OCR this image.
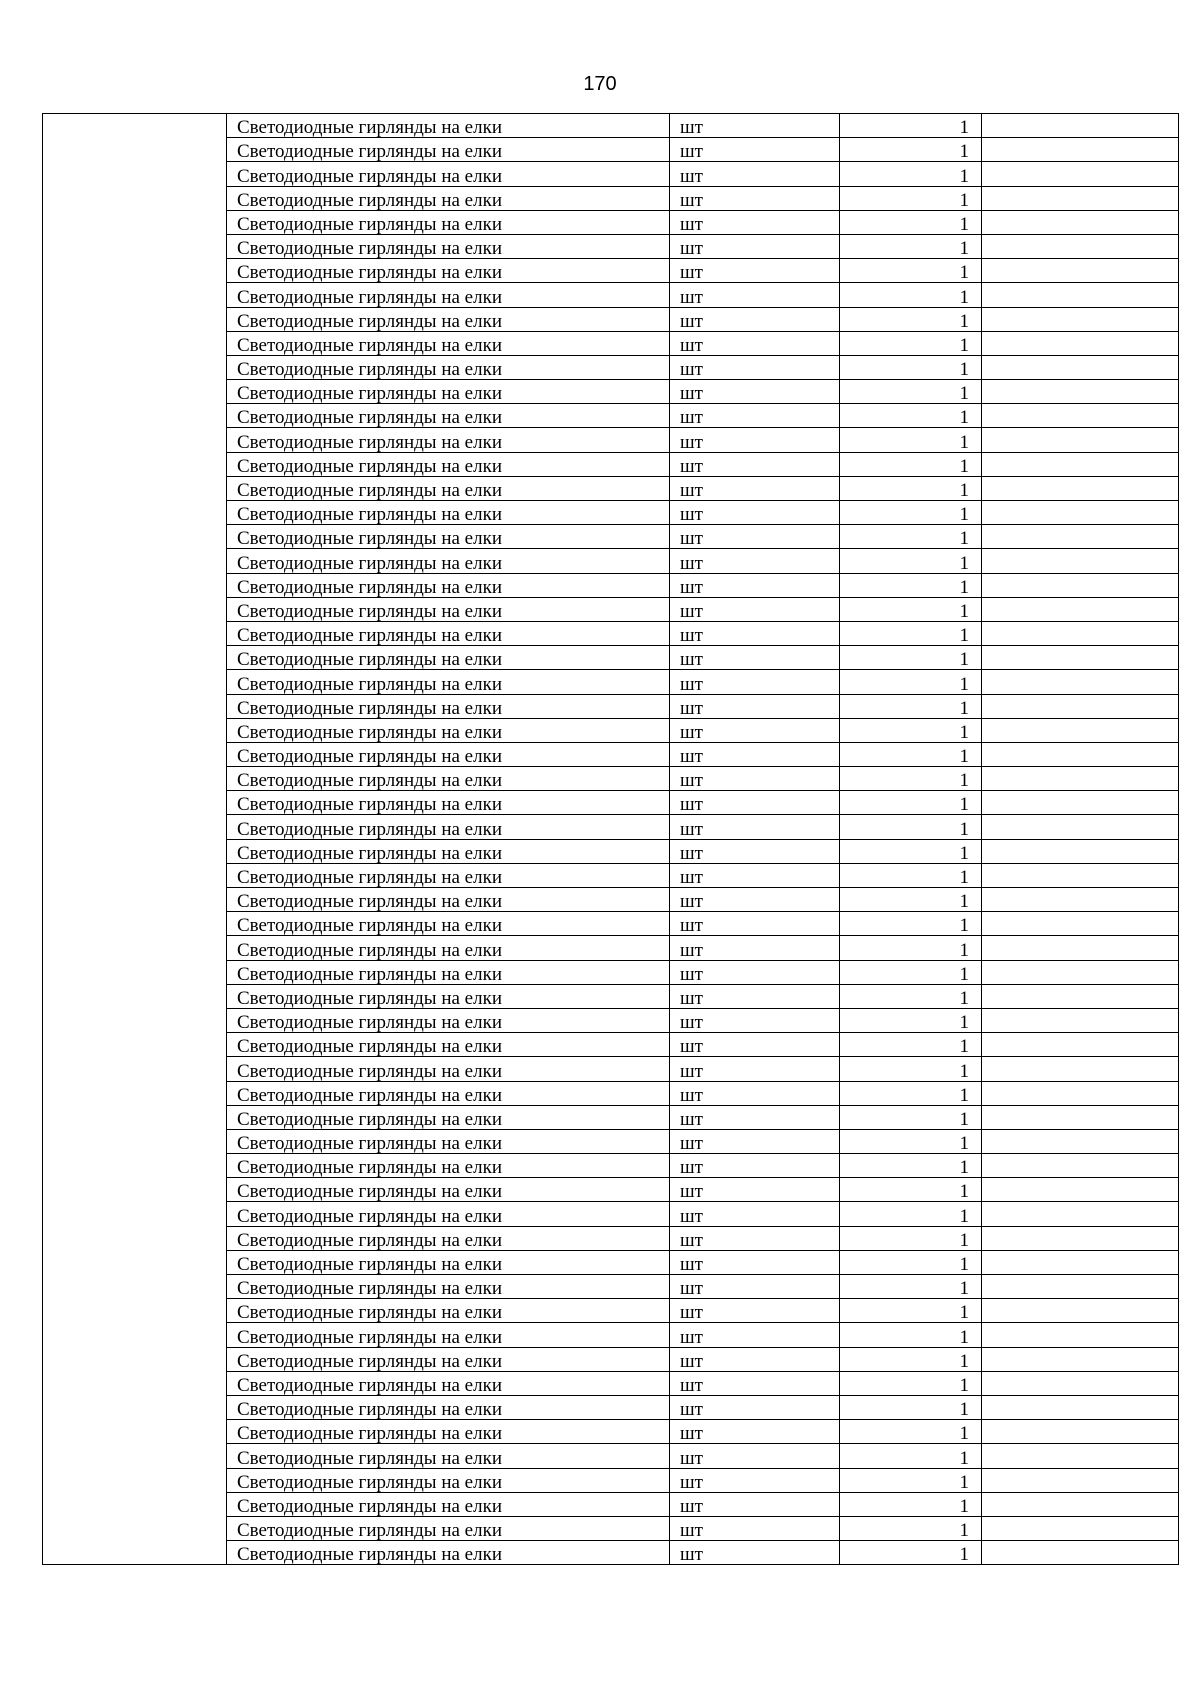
170
	Светодиодные гирлянды на елки	шт	1	
	Светодиодные гирлянды на елки	шт	1	
	Светодиодные гирлянды на елки	шт	1	
	Светодиодные гирлянды на елки	шт	1	
	Светодиодные гирлянды на елки	шт	1	
	Светодиодные гирлянды на елки	шт	1	
	Светодиодные гирлянды на елки	шт	1	
	Светодиодные гирлянды на елки	шт	1	
	Светодиодные гирлянды на елки	шт	1	
	Светодиодные гирлянды на елки	шт	1	
	Светодиодные гирлянды на елки	шт	1	
	Светодиодные гирлянды на елки	шт	1	
	Светодиодные гирлянды на елки	шт	1	
	Светодиодные гирлянды на елки	шт	1	
	Светодиодные гирлянды на елки	шт	1	
	Светодиодные гирлянды на елки	шт	1	
	Светодиодные гирлянды на елки	шт	1	
	Светодиодные гирлянды на елки	шт	1	
	Светодиодные гирлянды на елки	шт	1	
	Светодиодные гирлянды на елки	шт	1	
	Светодиодные гирлянды на елки	шт	1	
	Светодиодные гирлянды на елки	шт	1	
	Светодиодные гирлянды на елки	шт	1	
	Светодиодные гирлянды на елки	шт	1	
	Светодиодные гирлянды на елки	шт	1	
	Светодиодные гирлянды на елки	шт	1	
	Светодиодные гирлянды на елки	шт	1	
	Светодиодные гирлянды на елки	шт	1	
	Светодиодные гирлянды на елки	шт	1	
	Светодиодные гирлянды на елки	шт	1	
	Светодиодные гирлянды на елки	шт	1	
	Светодиодные гирлянды на елки	шт	1	
	Светодиодные гирлянды на елки	шт	1	
	Светодиодные гирлянды на елки	шт	1	
	Светодиодные гирлянды на елки	шт	1	
	Светодиодные гирлянды на елки	шт	1	
	Светодиодные гирлянды на елки	шт	1	
	Светодиодные гирлянды на елки	шт	1	
	Светодиодные гирлянды на елки	шт	1	
	Светодиодные гирлянды на елки	шт	1	
	Светодиодные гирлянды на елки	шт	1	
	Светодиодные гирлянды на елки	шт	1	
	Светодиодные гирлянды на елки	шт	1	
	Светодиодные гирлянды на елки	шт	1	
	Светодиодные гирлянды на елки	шт	1	
	Светодиодные гирлянды на елки	шт	1	
	Светодиодные гирлянды на елки	шт	1	
	Светодиодные гирлянды на елки	шт	1	
	Светодиодные гирлянды на елки	шт	1	
	Светодиодные гирлянды на елки	шт	1	
	Светодиодные гирлянды на елки	шт	1	
	Светодиодные гирлянды на елки	шт	1	
	Светодиодные гирлянды на елки	шт	1	
	Светодиодные гирлянды на елки	шт	1	
	Светодиодные гирлянды на елки	шт	1	
	Светодиодные гирлянды на елки	шт	1	
	Светодиодные гирлянды на елки	шт	1	
	Светодиодные гирлянды на елки	шт	1	
	Светодиодные гирлянды на елки	шт	1	
	Светодиодные гирлянды на елки	шт	1	
